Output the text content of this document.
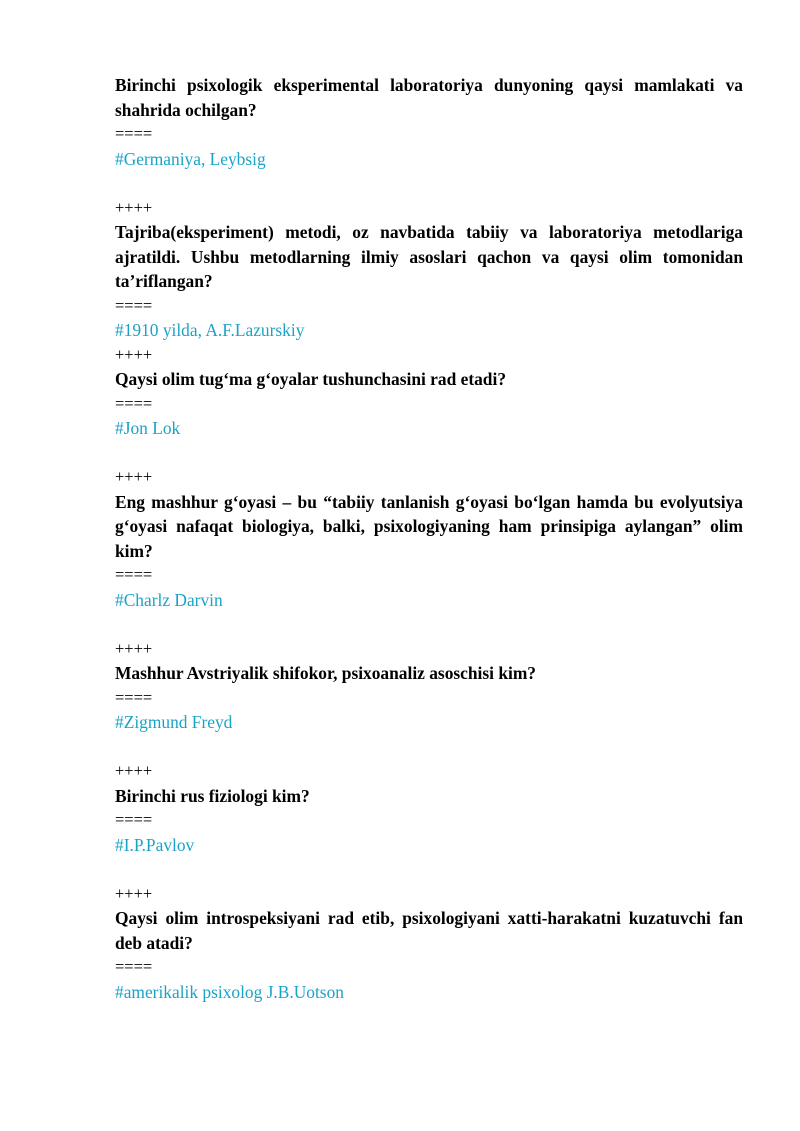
Birinchi psixologik eksperimental laboratoriya dunyoning qaysi mamlakati va shahrida ochilgan?

====

#Germaniya, Leybsig

++++

Tajriba(eksperiment) metodi, oz navbatida tabiiy va laboratoriya metodlariga ajratildi. Ushbu metodlarning ilmiy asoslari qachon va qaysi olim tomonidan ta’riflangan?

====

#1910 yilda, A.F.Lazurskiy

++++

Qaysi olim tug‘ma g‘oyalar tushunchasini rad etadi?

====

#Jon Lok

++++

Eng mashhur g‘oyasi – bu “tabiiy tanlanish g‘oyasi bo‘lgan hamda bu evolyutsiya g‘oyasi nafaqat biologiya, balki, psixologiyaning ham prinsipiga aylangan” olim kim?

====

#Charlz Darvin

++++

Mashhur Avstriyalik shifokor, psixoanaliz asoschisi kim?

====

#Zigmund Freyd

++++

Birinchi rus fiziologi kim?

====

#I.P.Pavlov

++++

Qaysi olim introspeksiyani rad etib, psixologiyani xatti-harakatni kuzatuvchi fan deb atadi?

====

#amerikalik psixolog J.B.Uotson
